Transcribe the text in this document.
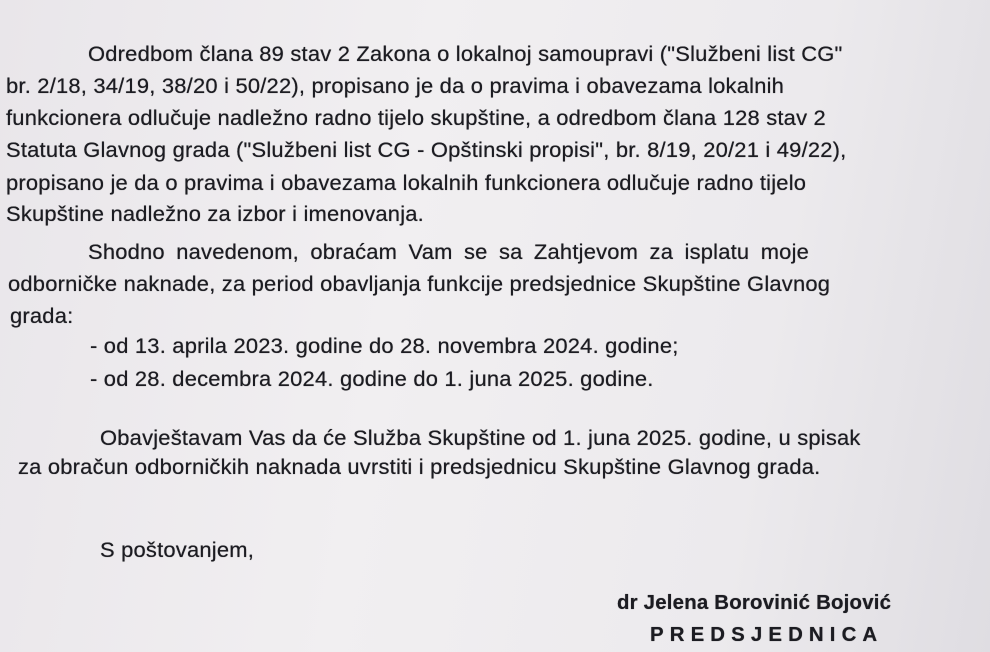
Odredbom člana 89 stav 2 Zakona o lokalnoj samoupravi ("Službeni list CG"
br. 2/18, 34/19, 38/20 i 50/22), propisano je da o pravima i obavezama lokalnih
funkcionera odlučuje nadležno radno tijelo skupštine, a odredbom člana 128 stav 2
Statuta Glavnog grada ("Službeni list CG - Opštinski propisi", br. 8/19, 20/21 i 49/22),
propisano je da o pravima i obavezama lokalnih funkcionera odlučuje radno tijelo
Skupštine nadležno za izbor i imenovanja.
Shodno navedenom, obraćam Vam se sa Zahtjevom za isplatu moje
odborničke naknade, za period obavljanja funkcije predsjednice Skupštine Glavnog
grada:
- od 13. aprila 2023. godine do 28. novembra 2024. godine;
- od 28. decembra 2024. godine do 1. juna 2025. godine.
Obavještavam Vas da će Služba Skupštine od 1. juna 2025. godine, u spisak
za obračun odborničkih naknada uvrstiti i predsjednicu Skupštine Glavnog grada.
S poštovanjem,
dr Jelena Borovinić Bojović
PREDSJEDNICA
